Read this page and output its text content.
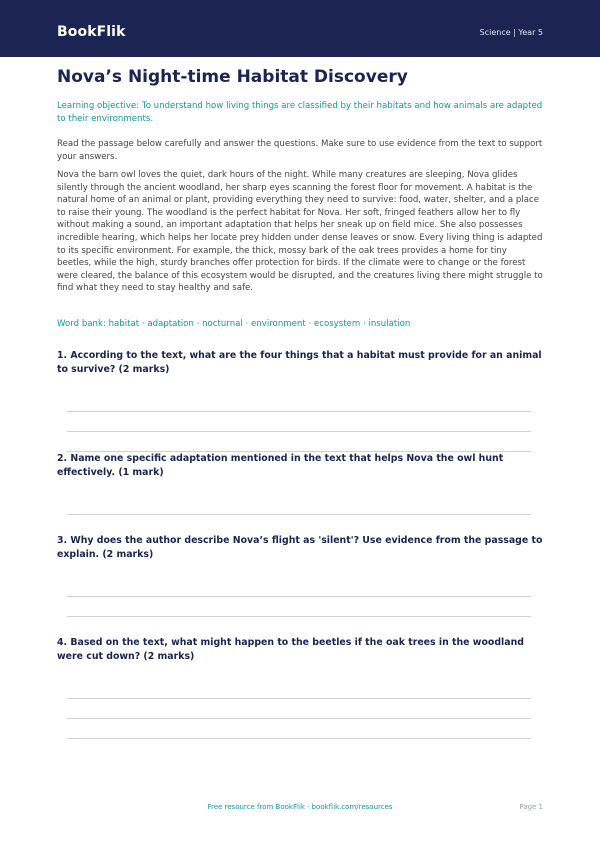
BookFlik	Science | Year 5
Nova’s Night-time Habitat Discovery

Learning objective: To understand how living things are classified by their habitats and how animals are adapted to their environments.

Read the passage below carefully and answer the questions. Make sure to use evidence from the text to support your answers.

Nova the barn owl loves the quiet, dark hours of the night. While many creatures are sleeping, Nova glides silently through the ancient woodland, her sharp eyes scanning the forest floor for movement. A habitat is the natural home of an animal or plant, providing everything they need to survive: food, water, shelter, and a place to raise their young. The woodland is the perfect habitat for Nova. Her soft, fringed feathers allow her to fly without making a sound, an important adaptation that helps her sneak up on field mice. She also possesses incredible hearing, which helps her locate prey hidden under dense leaves or snow. Every living thing is adapted to its specific environment. For example, the thick, mossy bark of the oak trees provides a home for tiny beetles, while the high, sturdy branches offer protection for birds. If the climate were to change or the forest were cleared, the balance of this ecosystem would be disrupted, and the creatures living there might struggle to find what they need to stay healthy and safe.

Word bank: habitat · adaptation · nocturnal · environment · ecosystem · insulation

1. According to the text, what are the four things that a habitat must provide for an animal to survive? (2 marks)

2. Name one specific adaptation mentioned in the text that helps Nova the owl hunt effectively. (1 mark)

3. Why does the author describe Nova’s flight as 'silent'? Use evidence from the passage to explain. (2 marks)

4. Based on the text, what might happen to the beetles if the oak trees in the woodland were cut down? (2 marks)

Free resource from BookFlik · bookflik.com/resources	Page 1
